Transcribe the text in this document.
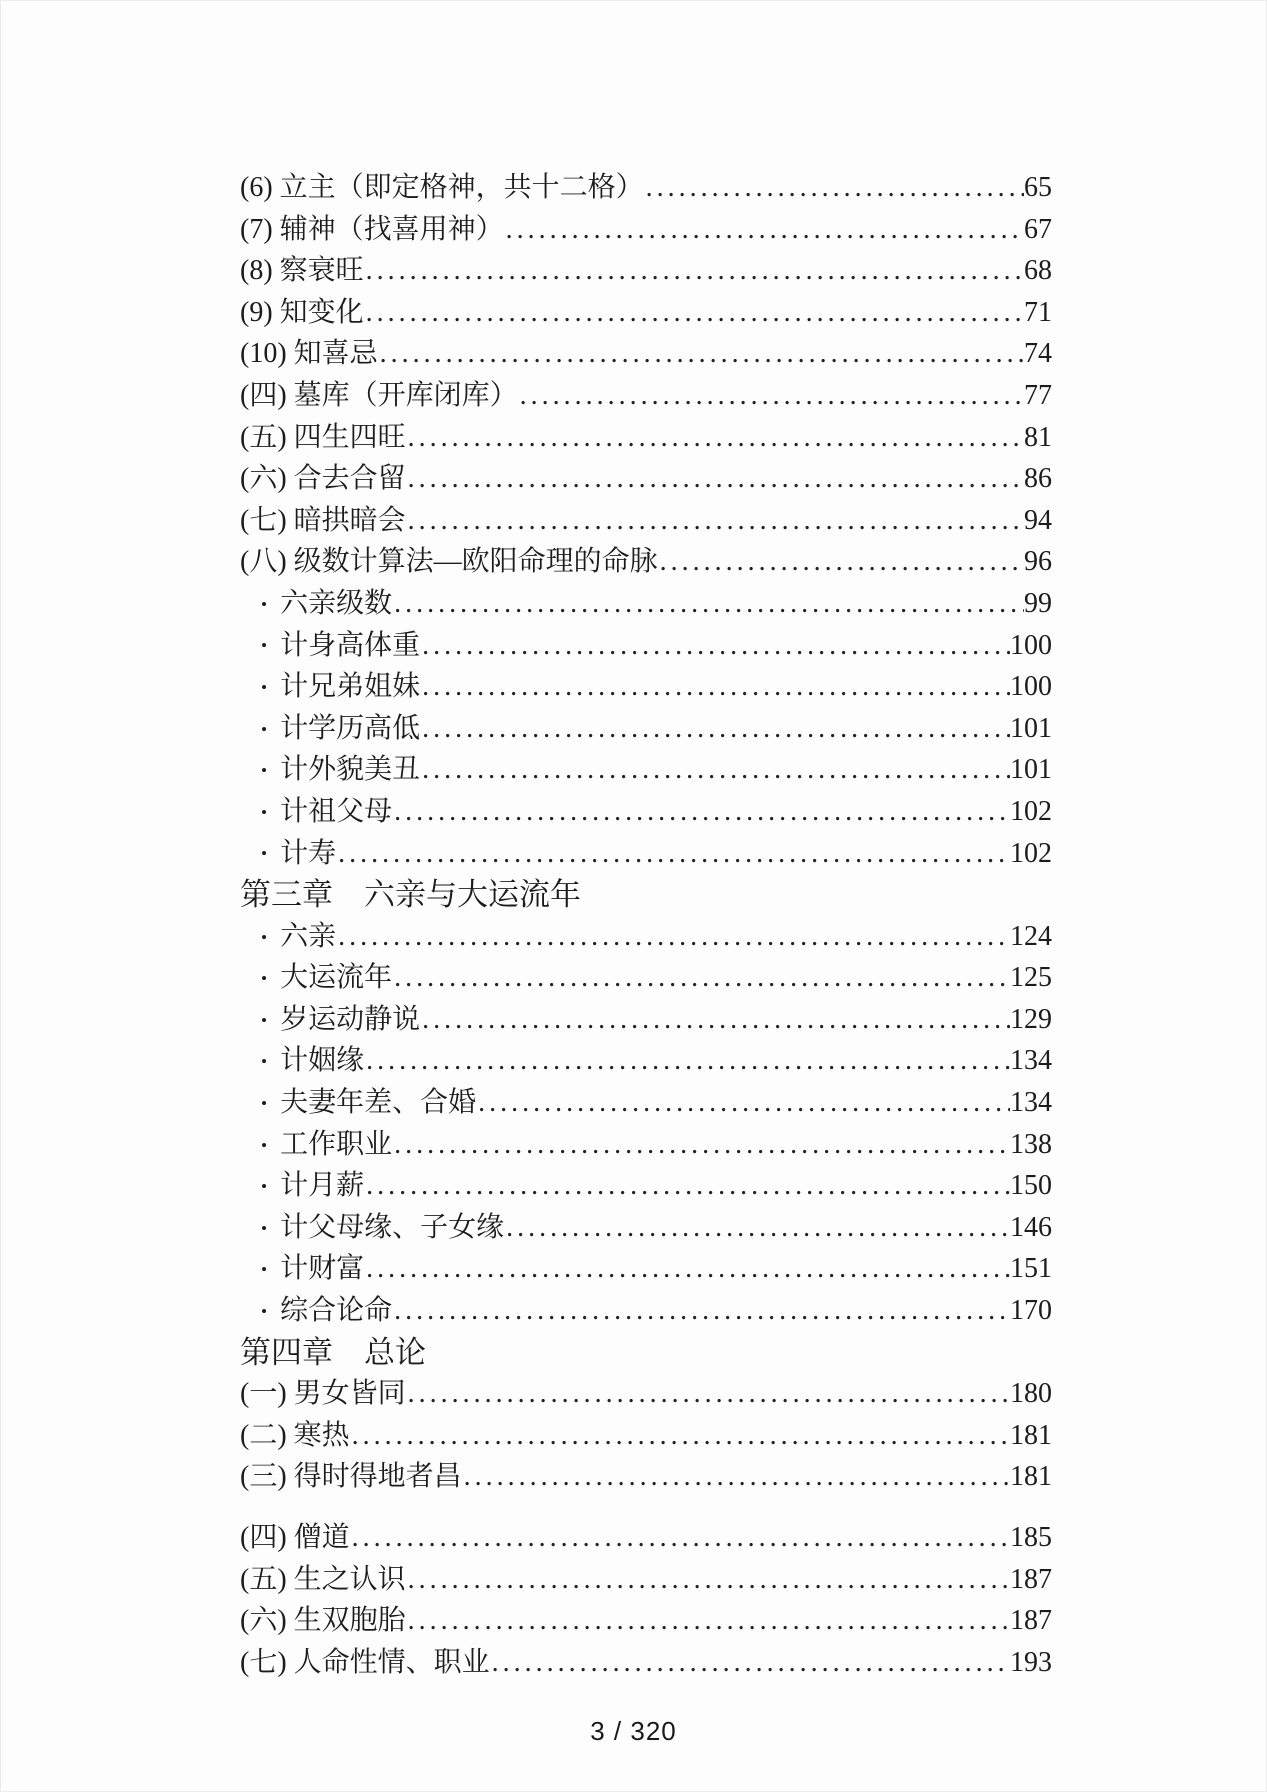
(6) 立主（即定格神，共十二格） .....	65
(7) 辅神（找喜用神） .....	67
(8) 察衰旺 .....	68
(9) 知变化 .....	71
(10) 知喜忌 .....	74
(四) 墓库（开库闭库） .....	77
(五) 四生四旺 .....	81
(六) 合去合留 .....	86
(七) 暗拱暗会 .....	94
(八) 级数计算法—欧阳命理的命脉 .....	96
• 六亲级数 .....	99
• 计身高体重 .....	100
• 计兄弟姐妹 .....	100
• 计学历高低 .....	101
• 计外貌美丑 .....	101
• 计祖父母 .....	102
• 计寿 .....	102
第三章　六亲与大运流年
• 六亲 .....	124
• 大运流年 .....	125
• 岁运动静说 .....	129
• 计姻缘 .....	134
• 夫妻年差、合婚 .....	134
• 工作职业 .....	138
• 计月薪 .....	150
• 计父母缘、子女缘 .....	146
• 计财富 .....	151
• 综合论命 .....	170
第四章　总论
(一) 男女皆同 .....	180
(二) 寒热 .....	181
(三) 得时得地者昌 .....	181
(四) 僧道 .....	185
(五) 生之认识 .....	187
(六) 生双胞胎 .....	187
(七) 人命性情、职业 .....	193
3 / 320
